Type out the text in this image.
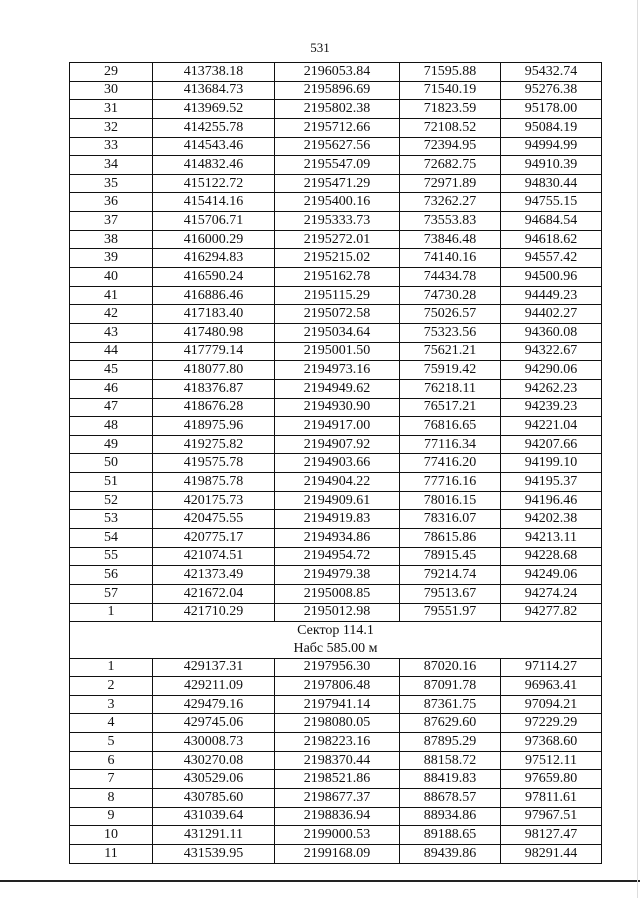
531
29	413738.18	2196053.84	71595.88	95432.74
30	413684.73	2195896.69	71540.19	95276.38
31	413969.52	2195802.38	71823.59	95178.00
32	414255.78	2195712.66	72108.52	95084.19
33	414543.46	2195627.56	72394.95	94994.99
34	414832.46	2195547.09	72682.75	94910.39
35	415122.72	2195471.29	72971.89	94830.44
36	415414.16	2195400.16	73262.27	94755.15
37	415706.71	2195333.73	73553.83	94684.54
38	416000.29	2195272.01	73846.48	94618.62
39	416294.83	2195215.02	74140.16	94557.42
40	416590.24	2195162.78	74434.78	94500.96
41	416886.46	2195115.29	74730.28	94449.23
42	417183.40	2195072.58	75026.57	94402.27
43	417480.98	2195034.64	75323.56	94360.08
44	417779.14	2195001.50	75621.21	94322.67
45	418077.80	2194973.16	75919.42	94290.06
46	418376.87	2194949.62	76218.11	94262.23
47	418676.28	2194930.90	76517.21	94239.23
48	418975.96	2194917.00	76816.65	94221.04
49	419275.82	2194907.92	77116.34	94207.66
50	419575.78	2194903.66	77416.20	94199.10
51	419875.78	2194904.22	77716.16	94195.37
52	420175.73	2194909.61	78016.15	94196.46
53	420475.55	2194919.83	78316.07	94202.38
54	420775.17	2194934.86	78615.86	94213.11
55	421074.51	2194954.72	78915.45	94228.68
56	421373.49	2194979.38	79214.74	94249.06
57	421672.04	2195008.85	79513.67	94274.24
1	421710.29	2195012.98	79551.97	94277.82
Сектор 114.1				
Набс 585.00 м				
1	429137.31	2197956.30	87020.16	97114.27
2	429211.09	2197806.48	87091.78	96963.41
3	429479.16	2197941.14	87361.75	97094.21
4	429745.06	2198080.05	87629.60	97229.29
5	430008.73	2198223.16	87895.29	97368.60
6	430270.08	2198370.44	88158.72	97512.11
7	430529.06	2198521.86	88419.83	97659.80
8	430785.60	2198677.37	88678.57	97811.61
9	431039.64	2198836.94	88934.86	97967.51
10	431291.11	2199000.53	89188.65	98127.47
11	431539.95	2199168.09	89439.86	98291.44
